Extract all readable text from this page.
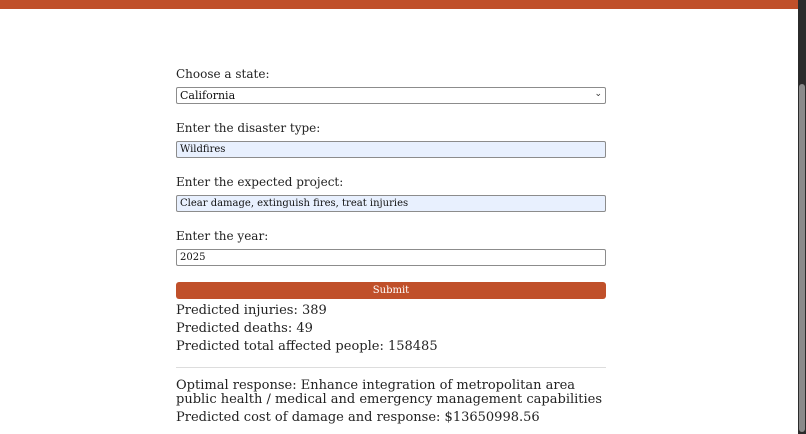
Choose a state:
California	⌄
Enter the disaster type:
Wildfires
Enter the expected project:
Clear damage, extinguish fires, treat injuries
Enter the year:
2025
Submit
Predicted injuries: 389
Predicted deaths: 49
Predicted total affected people: 158485
Optimal response: Enhance integration of metropolitan area public health / medical and emergency management capabilities
Predicted cost of damage and response: $13650998.56
